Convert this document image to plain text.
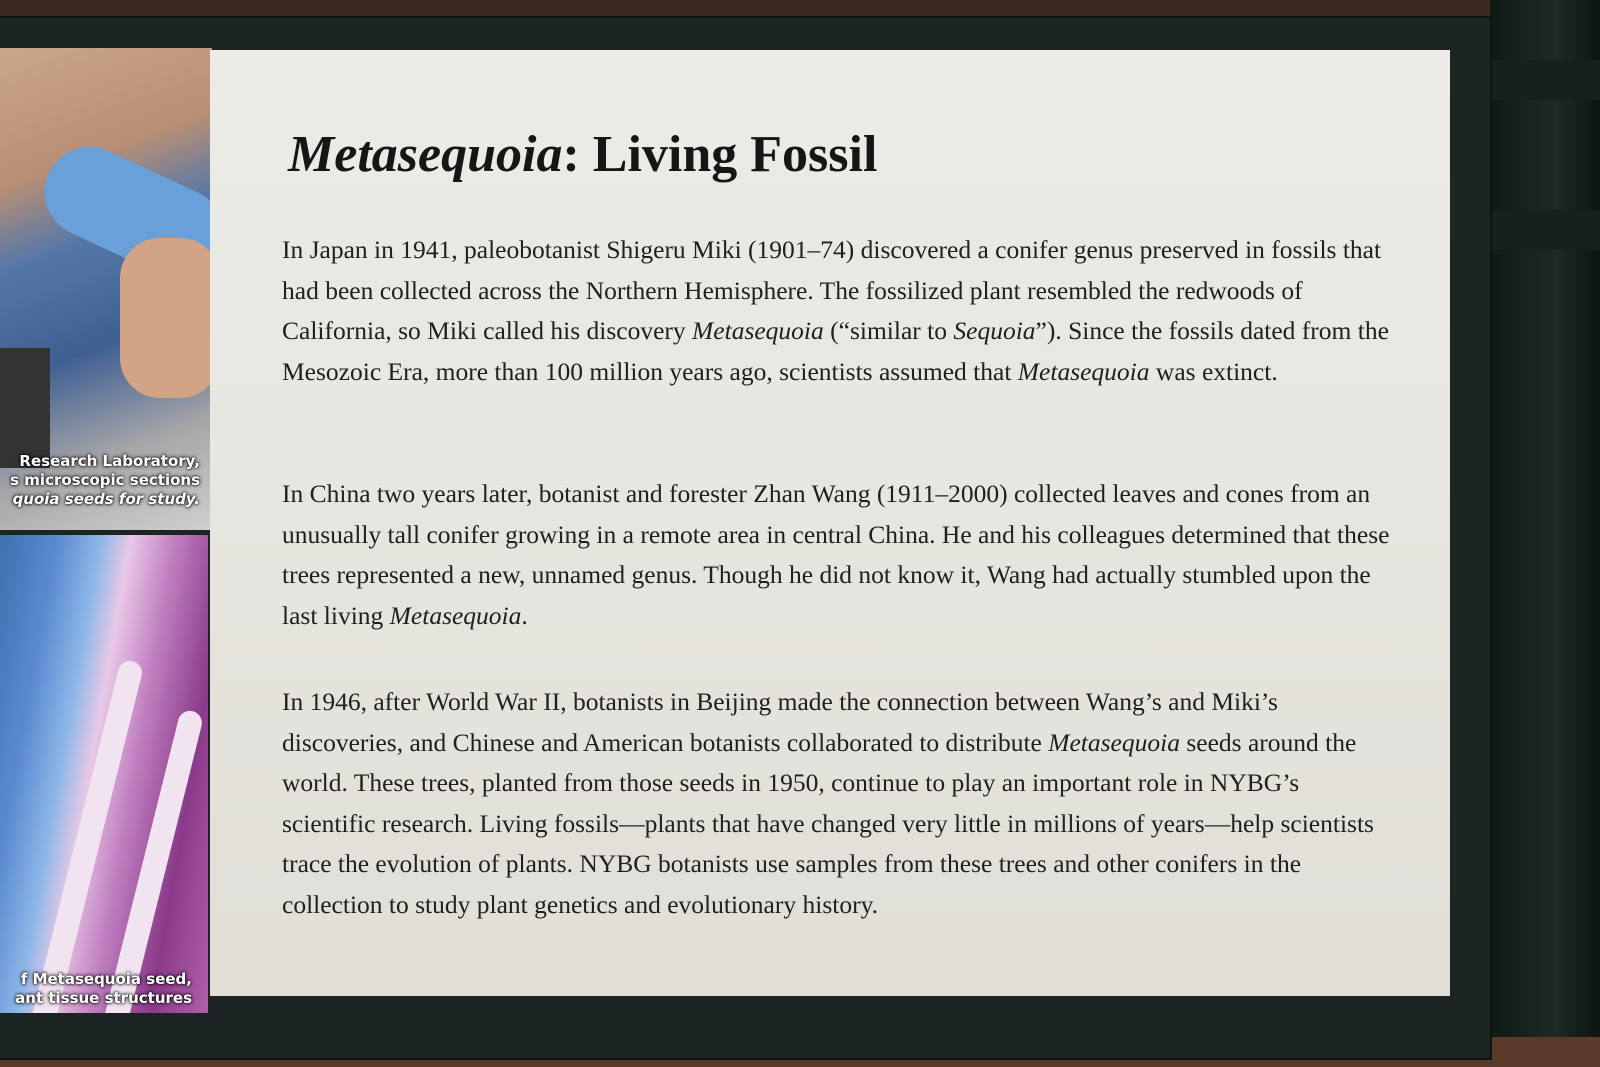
Research Laboratory,
s microscopic sections
quoia seeds for study.
f Metasequoia seed,
ant tissue structures
Metasequoia: Living Fossil

In Japan in 1941, paleobotanist Shigeru Miki (1901–74) discovered a conifer genus preserved in fossils that had been collected across the Northern Hemisphere. The fossilized plant resembled the redwoods of California, so Miki called his discovery Metasequoia (“similar to Sequoia”). Since the fossils dated from the Mesozoic Era, more than 100 million years ago, scientists assumed that Metasequoia was extinct.

In China two years later, botanist and forester Zhan Wang (1911–2000) collected leaves and cones from an unusually tall conifer growing in a remote area in central China. He and his colleagues determined that these trees represented a new, unnamed genus. Though he did not know it, Wang had actually stumbled upon the last living Metasequoia.

In 1946, after World War II, botanists in Beijing made the connection between Wang’s and Miki’s discoveries, and Chinese and American botanists collaborated to distribute Metasequoia seeds around the world. These trees, planted from those seeds in 1950, continue to play an important role in NYBG’s scientific research. Living fossils—plants that have changed very little in millions of years—help scientists trace the evolution of plants. NYBG botanists use samples from these trees and other conifers in the collection to study plant genetics and evolutionary history.
